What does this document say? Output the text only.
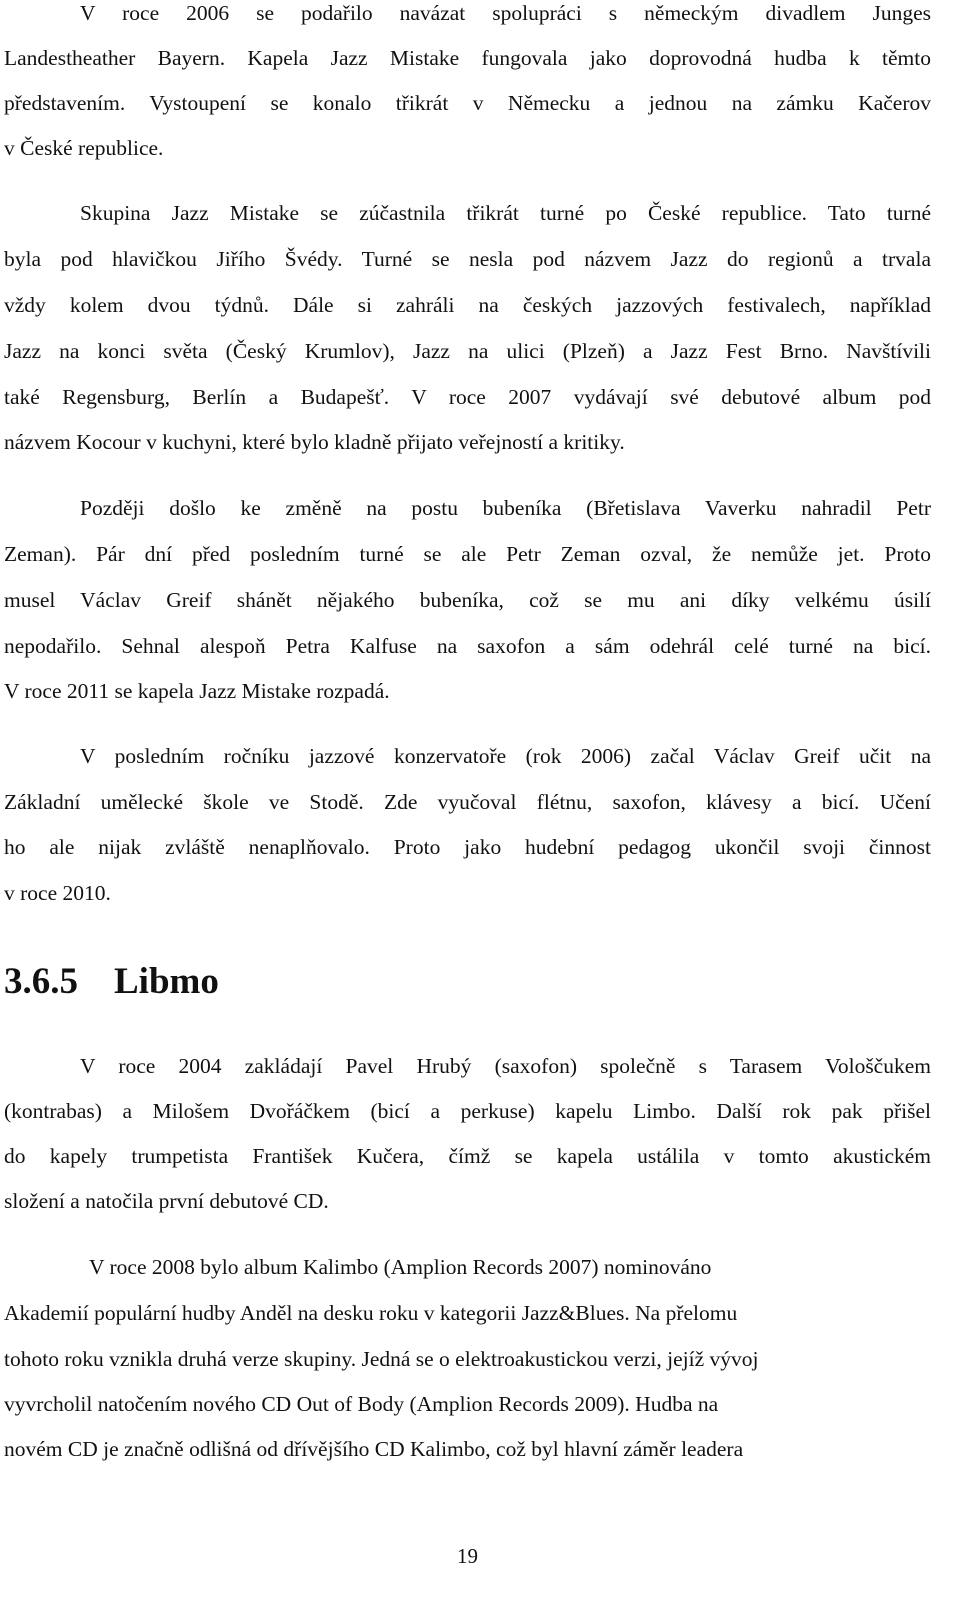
V roce 2006 se podařilo navázat spolupráci s německým divadlem Junges
Landestheather Bayern. Kapela Jazz Mistake fungovala jako doprovodná hudba k těmto
představením. Vystoupení se konalo třikrát v Německu a jednou na zámku Kačerov
v České republice.
Skupina Jazz Mistake se zúčastnila třikrát turné po České republice. Tato turné
byla pod hlavičkou Jiřího Švédy. Turné se nesla pod názvem Jazz do regionů a trvala
vždy kolem dvou týdnů. Dále si zahráli na českých jazzových festivalech, například
Jazz na konci světa (Český Krumlov), Jazz na ulici (Plzeň) a Jazz Fest Brno. Navštívili
také Regensburg, Berlín a Budapešť. V roce 2007 vydávají své debutové album pod
názvem Kocour v kuchyni, které bylo kladně přijato veřejností a kritiky.
Později došlo ke změně na postu bubeníka (Břetislava Vaverku nahradil Petr
Zeman). Pár dní před posledním turné se ale Petr Zeman ozval, že nemůže jet. Proto
musel Václav Greif shánět nějakého bubeníka, což se mu ani díky velkému úsilí
nepodařilo. Sehnal alespoň Petra Kalfuse na saxofon a sám odehrál celé turné na bicí.
V roce 2011 se kapela Jazz Mistake rozpadá.
V posledním ročníku jazzové konzervatoře (rok 2006) začal Václav Greif učit na
Základní umělecké škole ve Stodě. Zde vyučoval flétnu, saxofon, klávesy a bicí. Učení
ho ale nijak zvláště nenaplňovalo. Proto jako hudební pedagog ukončil svoji činnost
v roce 2010.
3.6.5 Libmo
V roce 2004 zakládají Pavel Hrubý (saxofon) společně s Tarasem Vološčukem
(kontrabas) a Milošem Dvořáčkem (bicí a perkuse) kapelu Limbo. Další rok pak přišel
do kapely trumpetista František Kučera, čímž se kapela ustálila v tomto akustickém
složení a natočila první debutové CD.
V roce 2008 bylo album Kalimbo (Amplion Records 2007) nominováno
Akademií populární hudby Anděl na desku roku v kategorii Jazz&Blues. Na přelomu
tohoto roku vznikla druhá verze skupiny. Jedná se o elektroakustickou verzi, jejíž vývoj
vyvrcholil natočením nového CD Out of Body (Amplion Records 2009). Hudba na
novém CD je značně odlišná od dřívějšího CD Kalimbo, což byl hlavní záměr leadera
19
